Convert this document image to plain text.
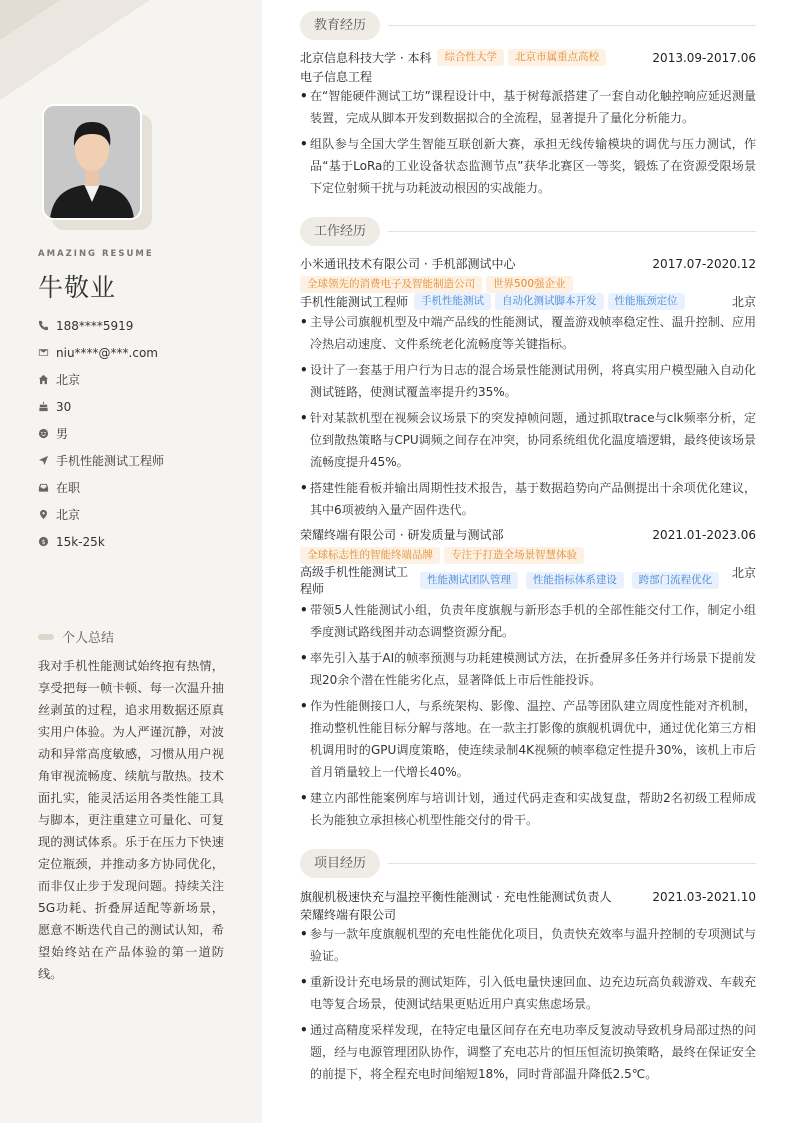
AMAZING RESUME
牛敬业
188****5919
niu****@***.com
北京
30
男
手机性能测试工程师
在职
北京
$ 15k-25k
个人总结
我对手机性能测试始终抱有热情，享受把每一帧卡顿、每一次温升抽丝剥茧的过程，追求用数据还原真实用户体验。为人严谨沉静，对波动和异常高度敏感，习惯从用户视角审视流畅度、续航与散热。技术面扎实，能灵活运用各类性能工具与脚本，更注重建立可量化、可复现的测试体系。乐于在压力下快速定位瓶颈，并推动多方协同优化，而非仅止步于发现问题。持续关注5G功耗、折叠屏适配等新场景，愿意不断迭代自己的测试认知，希望始终站在产品体验的第一道防线。
教育经历
北京信息科技大学 · 本科	综合性大学	北京市属重点高校	2013.09-2017.06
电子信息工程
• 在“智能硬件测试工坊”课程设计中，基于树莓派搭建了一套自动化触控响应延迟测量装置，完成从脚本开发到数据拟合的全流程，显著提升了量化分析能力。
• 组队参与全国大学生智能互联创新大赛，承担无线传输模块的调优与压力测试，作品“基于LoRa的工业设备状态监测节点”获华北赛区一等奖，锻炼了在资源受限场景下定位射频干扰与功耗波动根因的实战能力。
工作经历
小米通讯技术有限公司 · 手机部测试中心	2017.07-2020.12
全球领先的消费电子及智能制造公司	世界500强企业
手机性能测试工程师	手机性能测试	自动化测试脚本开发	性能瓶颈定位	北京
• 主导公司旗舰机型及中端产品线的性能测试，覆盖游戏帧率稳定性、温升控制、应用冷热启动速度、文件系统老化流畅度等关键指标。
• 设计了一套基于用户行为日志的混合场景性能测试用例，将真实用户模型融入自动化测试链路，使测试覆盖率提升约35%。
• 针对某款机型在视频会议场景下的突发掉帧问题，通过抓取trace与clk频率分析，定位到散热策略与CPU调频之间存在冲突，协同系统组优化温度墙逻辑，最终使该场景流畅度提升45%。
• 搭建性能看板并输出周期性技术报告，基于数据趋势向产品侧提出十余项优化建议，其中6项被纳入量产固件迭代。
荣耀终端有限公司 · 研发质量与测试部	2021.01-2023.06
全球标志性的智能终端品牌	专注于打造全场景智慧体验
高级手机性能测试工程师
性能测试团队管理 性能指标体系建设 跨部门流程优化	北京
• 带领5人性能测试小组，负责年度旗舰与新形态手机的全部性能交付工作，制定小组季度测试路线图并动态调整资源分配。
• 率先引入基于AI的帧率预测与功耗建模测试方法，在折叠屏多任务并行场景下提前发现20余个潜在性能劣化点，显著降低上市后性能投诉。
• 作为性能侧接口人，与系统架构、影像、温控、产品等团队建立周度性能对齐机制，推动整机性能目标分解与落地。在一款主打影像的旗舰机调优中，通过优化第三方相机调用时的GPU调度策略，使连续录制4K视频的帧率稳定性提升30%，该机上市后首月销量较上一代增长40%。
• 建立内部性能案例库与培训计划，通过代码走查和实战复盘，帮助2名初级工程师成长为能独立承担核心机型性能交付的骨干。
项目经历
旗舰机极速快充与温控平衡性能测试 · 充电性能测试负责人	2021.03-2021.10
荣耀终端有限公司
• 参与一款年度旗舰机型的充电性能优化项目，负责快充效率与温升控制的专项测试与验证。
• 重新设计充电场景的测试矩阵，引入低电量快速回血、边充边玩高负载游戏、车载充电等复合场景，使测试结果更贴近用户真实焦虑场景。
• 通过高精度采样发现，在特定电量区间存在充电功率反复波动导致机身局部过热的问题，经与电源管理团队协作，调整了充电芯片的恒压恒流切换策略，最终在保证安全的前提下，将全程充电时间缩短18%，同时背部温升降低2.5℃。
